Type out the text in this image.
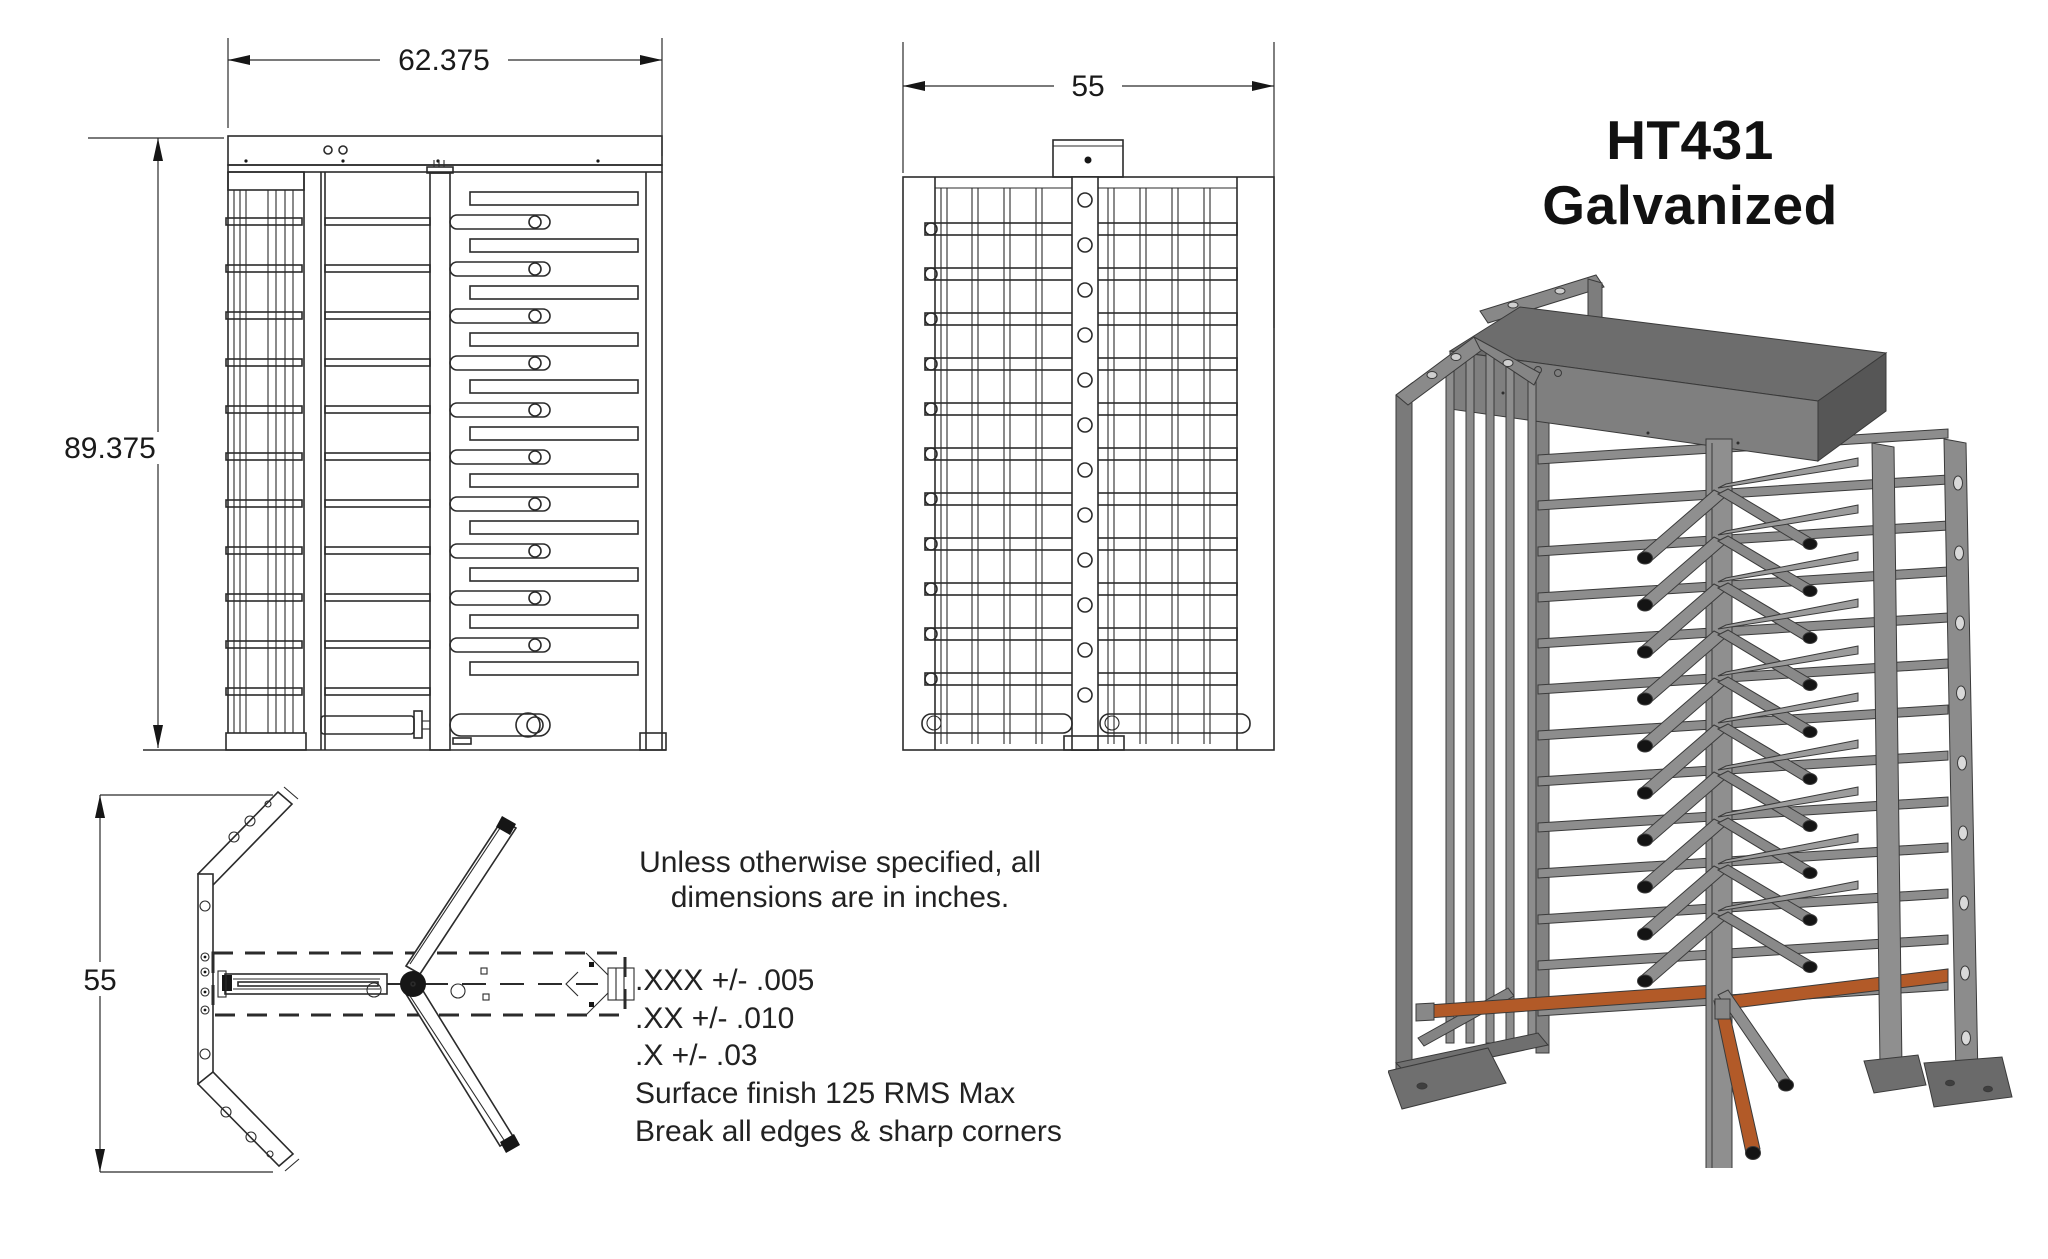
62.375
89.375
55
55
Unless otherwise specified, all
dimensions are in inches.
.XXX +/- .005
.XX +/- .010
.X +/- .03
Surface finish 125 RMS Max
Break all edges & sharp corners
HT431
Galvanized
